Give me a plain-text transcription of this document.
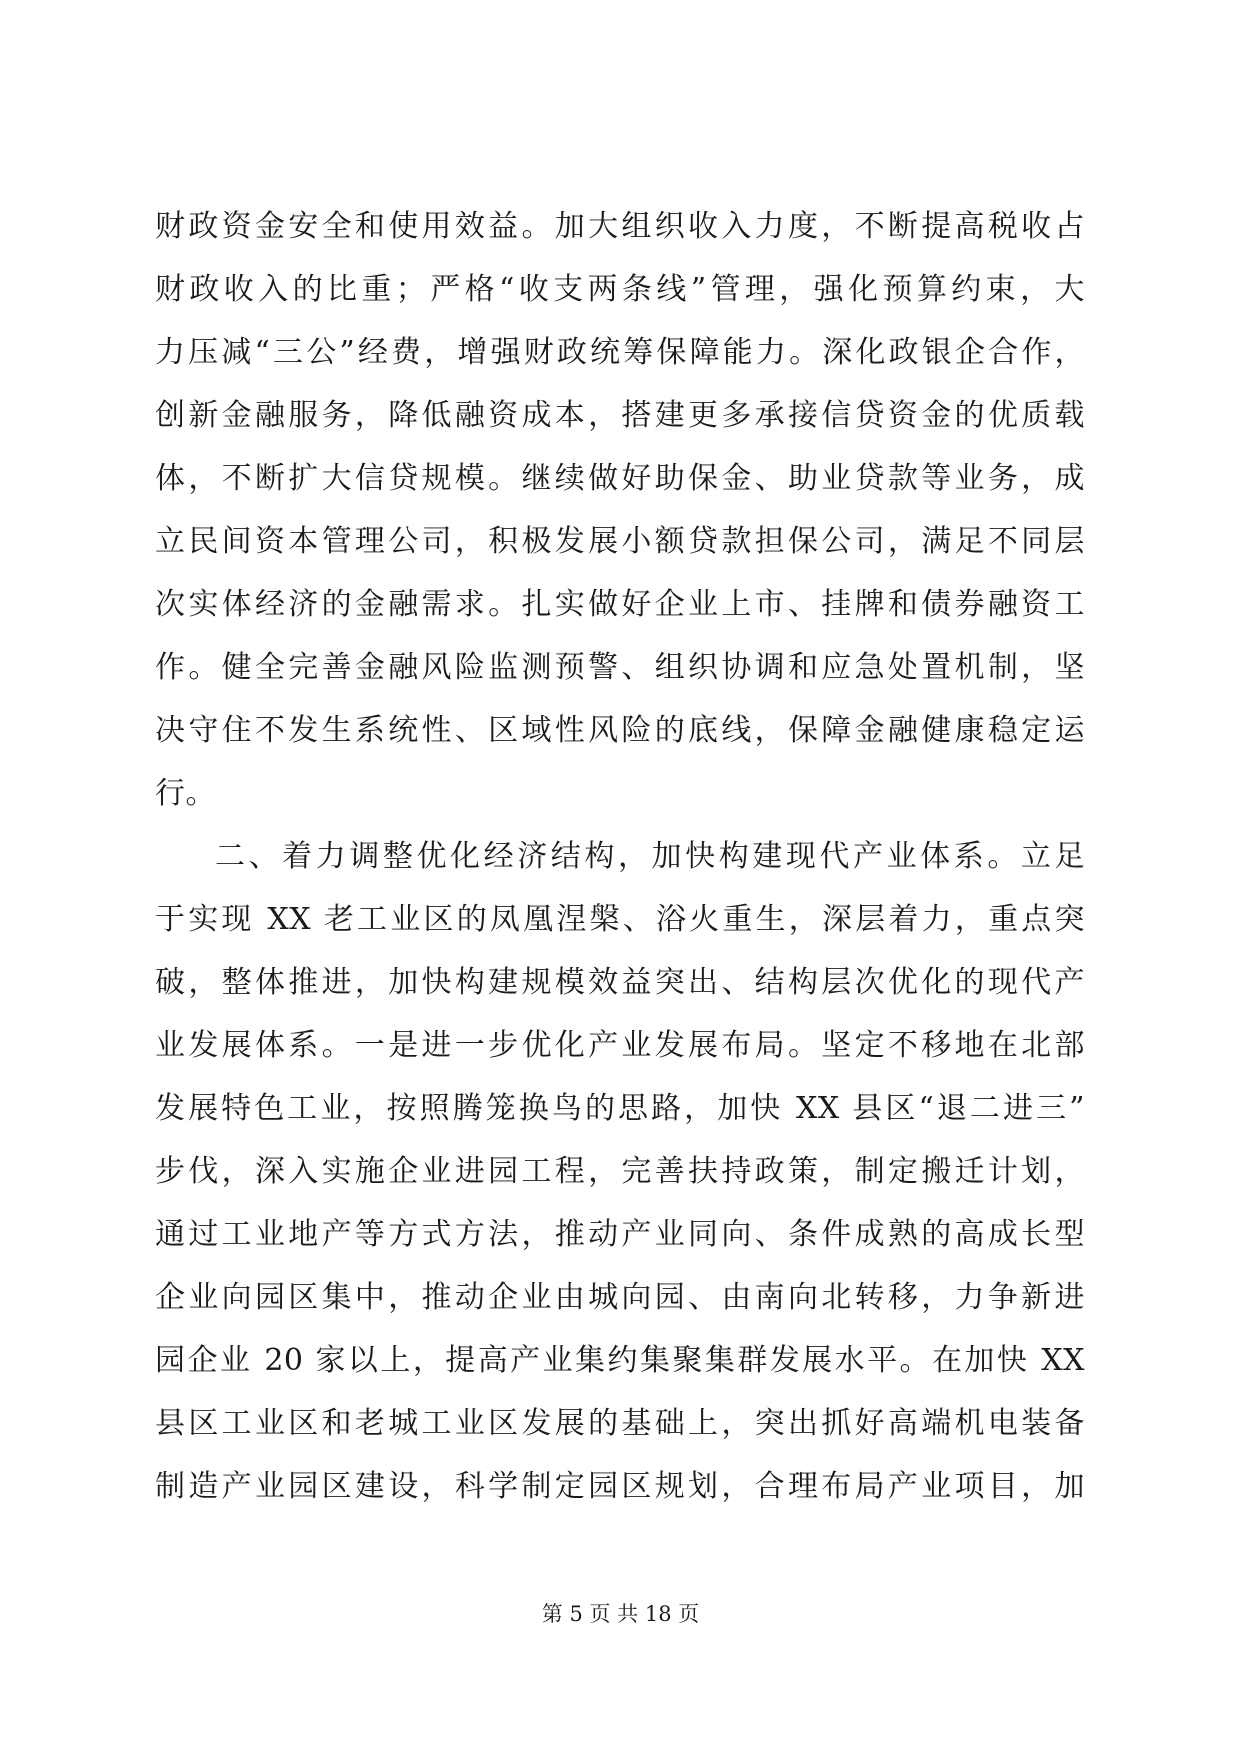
财政资金安全和使用效益。加大组织收入力度，不断提高税收占
财政收入的比重；严格“收支两条线”管理，强化预算约束，大
力压减“三公”经费，增强财政统筹保障能力。深化政银企合作，
创新金融服务，降低融资成本，搭建更多承接信贷资金的优质载
体，不断扩大信贷规模。继续做好助保金、助业贷款等业务，成
立民间资本管理公司，积极发展小额贷款担保公司，满足不同层
次实体经济的金融需求。扎实做好企业上市、挂牌和债券融资工
作。健全完善金融风险监测预警、组织协调和应急处置机制，坚
决守住不发生系统性、区域性风险的底线，保障金融健康稳定运
行。
二、着力调整优化经济结构，加快构建现代产业体系。立足
于实现 XX 老工业区的凤凰涅槃、浴火重生，深层着力，重点突
破，整体推进，加快构建规模效益突出、结构层次优化的现代产
业发展体系。一是进一步优化产业发展布局。坚定不移地在北部
发展特色工业，按照腾笼换鸟的思路，加快 XX 县区“退二进三”
步伐，深入实施企业进园工程，完善扶持政策，制定搬迁计划，
通过工业地产等方式方法，推动产业同向、条件成熟的高成长型
企业向园区集中，推动企业由城向园、由南向北转移，力争新进
园企业 20 家以上，提高产业集约集聚集群发展水平。在加快 XX
县区工业区和老城工业区发展的基础上，突出抓好高端机电装备
制造产业园区建设，科学制定园区规划，合理布局产业项目，加
第 5 页 共 18 页
